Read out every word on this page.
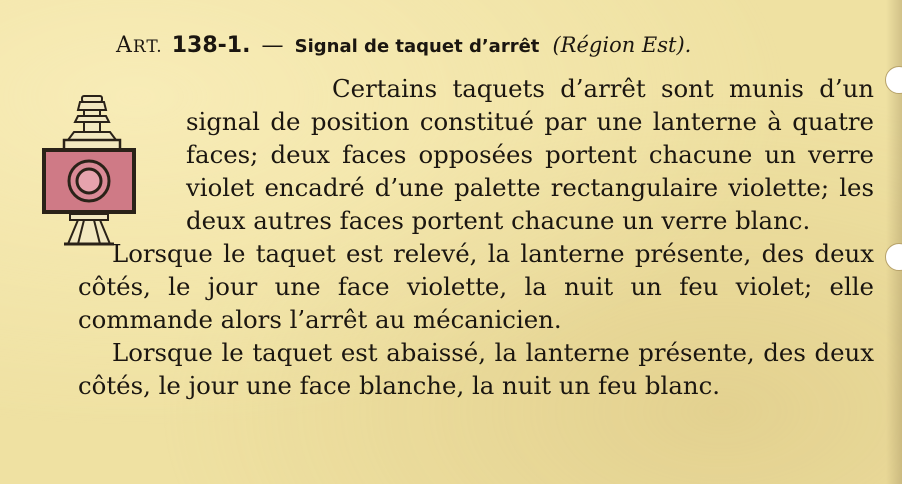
ART. 138-1. — Signal de taquet d’arrêt (Région Est).

Certains taquets d’arrêt sont munis d’un signal de position constitué par une lanterne à quatre faces; deux faces opposées portent chacune un verre violet encadré d’une palette rectangulaire violette; les deux autres faces portent chacune un verre blanc.

Lorsque le taquet est relevé, la lanterne présente, des deux côtés, le jour une face violette, la nuit un feu violet; elle commande alors l’arrêt au mécanicien.

Lorsque le taquet est abaissé, la lanterne présente, des deux côtés, le jour une face blanche, la nuit un feu blanc.
